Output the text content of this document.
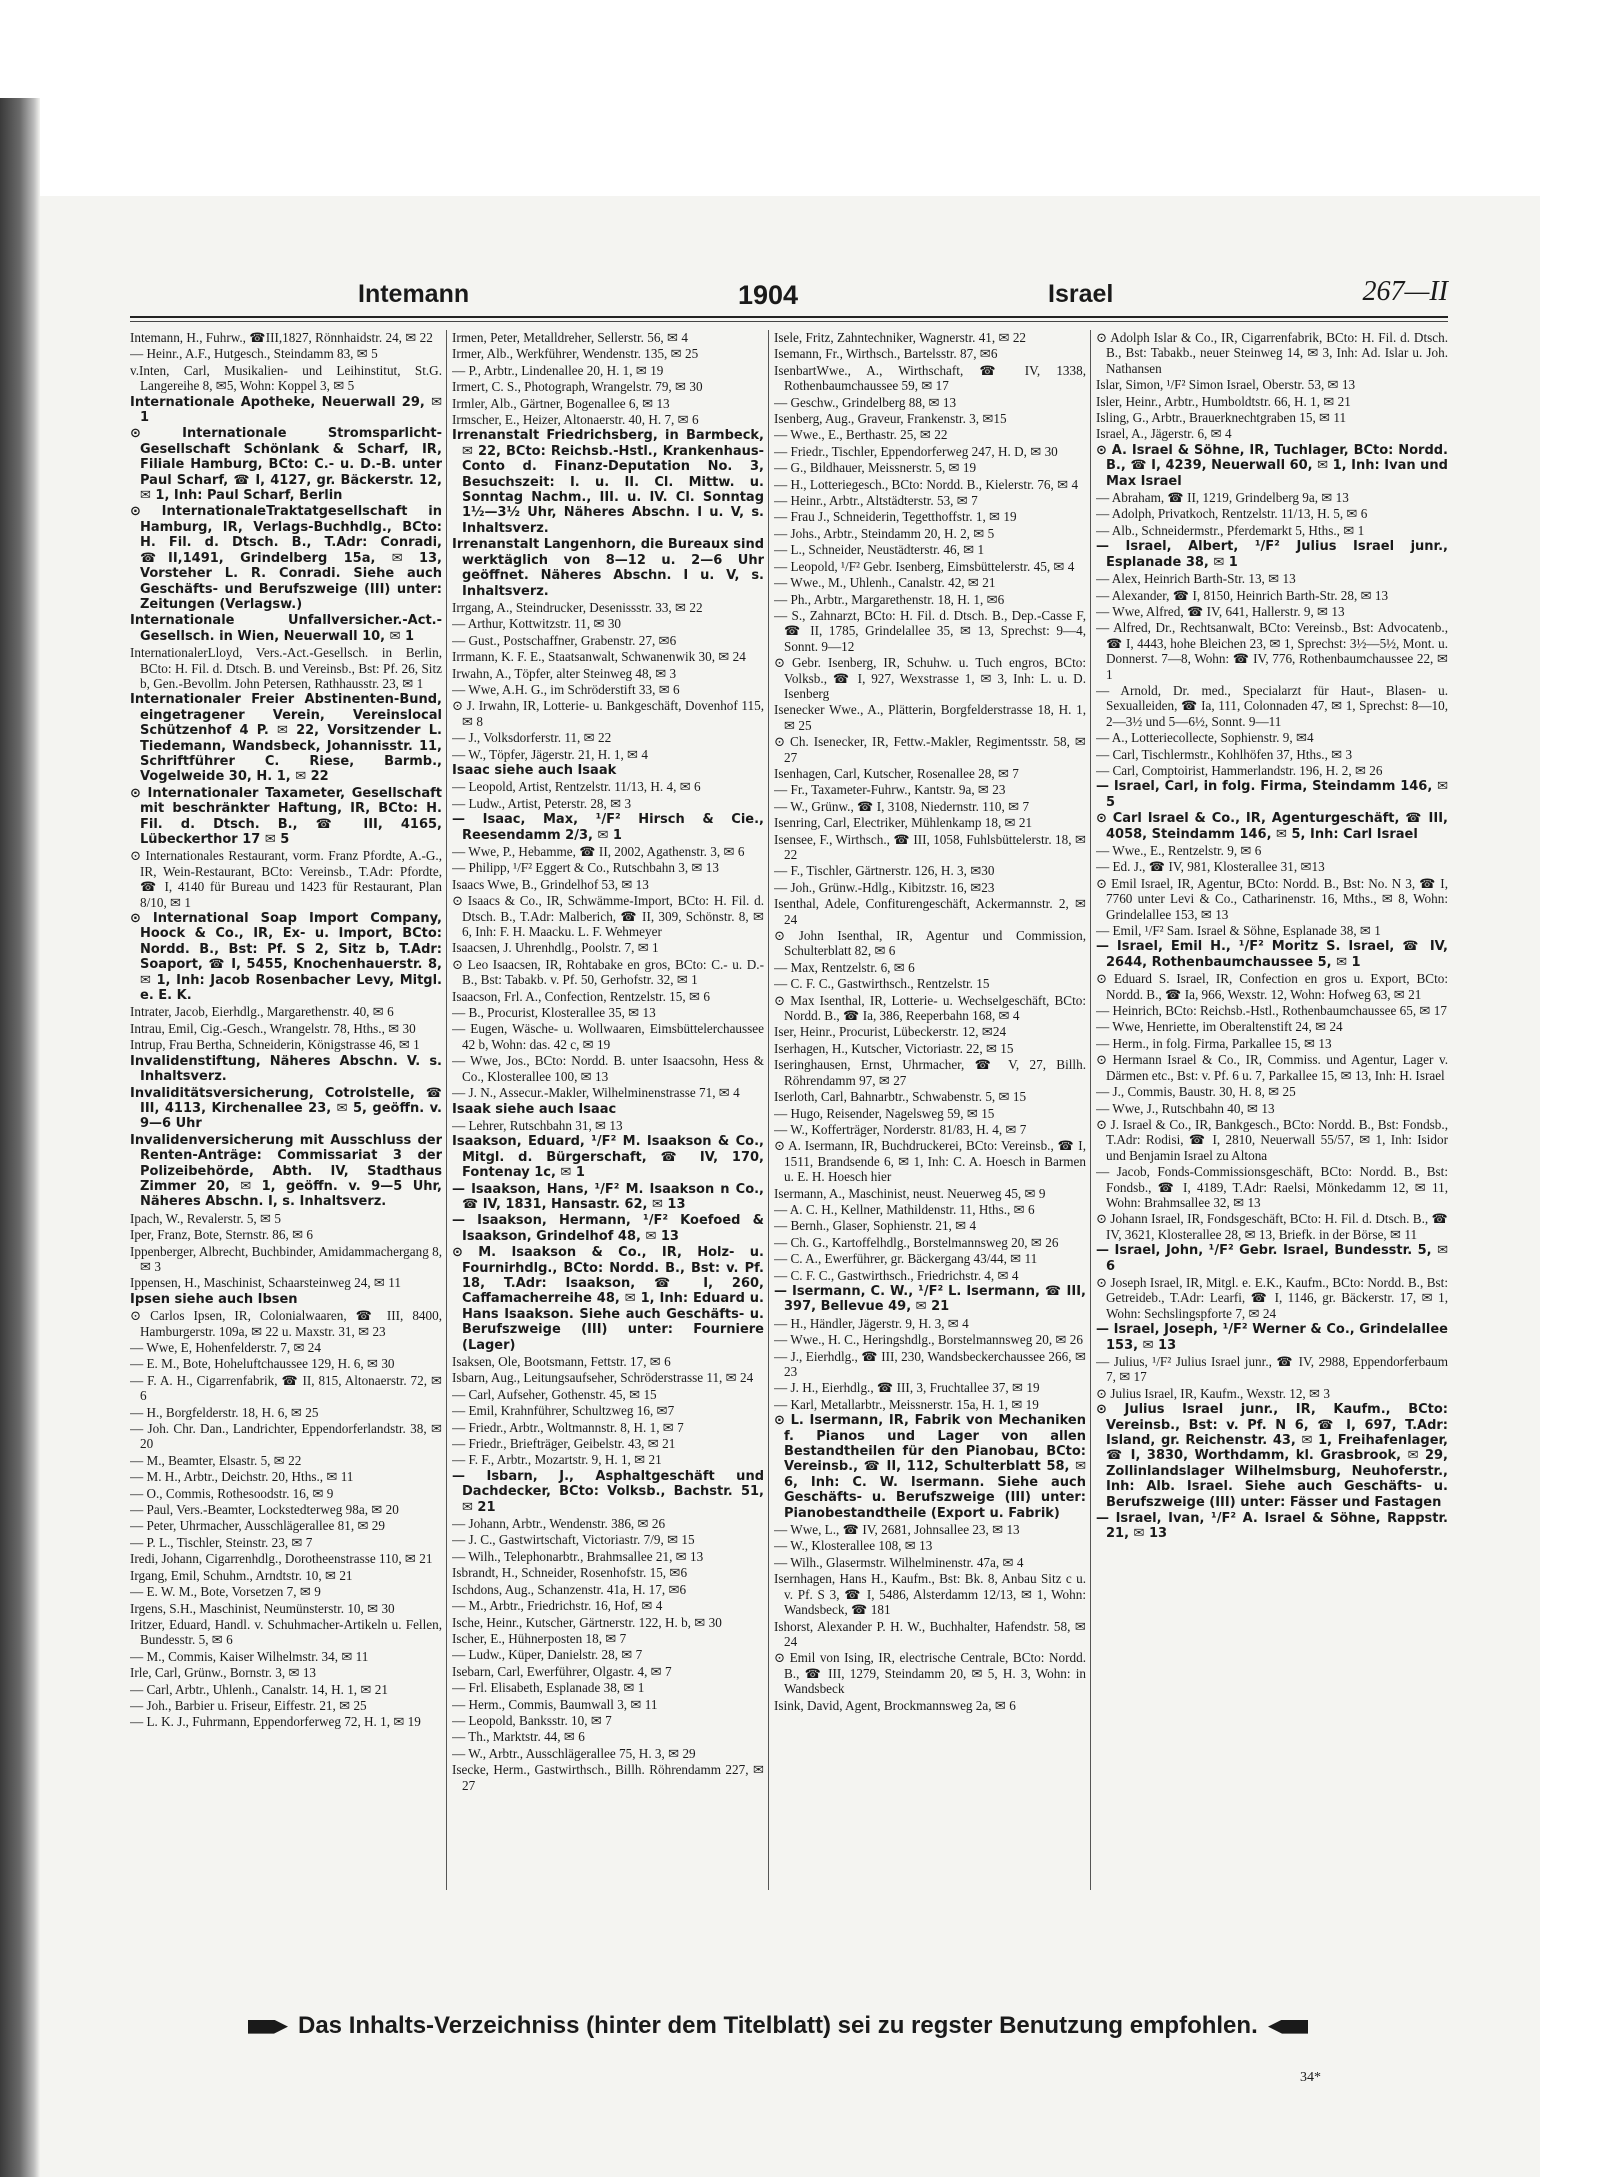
Intemann	1904	Israel	267—II
Intemann, H., Fuhrw., ☎III,1827, Rönnhaidstr. 24, ✉ 22
— Heinr., A.F., Hutgesch., Steindamm 83, ✉ 5
v.Inten, Carl, Musikalien- und Leihinstitut, St.G. Langereihe 8, ✉5, Wohn: Koppel 3, ✉ 5
Internationale Apotheke, Neuerwall 29, ✉ 1
⊙ Internationale Stromsparlicht-Gesellschaft Schönlank & Scharf, IR, Filiale Hamburg, BCto: C.- u. D.-B. unter Paul Scharf, ☎ I, 4127, gr. Bäckerstr. 12, ✉ 1, Inh: Paul Scharf, Berlin
⊙ InternationaleTraktatgesellschaft in Hamburg, IR, Verlags-Buchhdlg., BCto: H. Fil. d. Dtsch. B., T.Adr: Conradi, ☎II,1491, Grindelberg 15a, ✉ 13, Vorsteher L. R. Conradi. Siehe auch Geschäfts- und Berufszweige (III) unter: Zeitungen (Verlagsw.)
Internationale Unfallversicher.-Act.-Gesellsch. in Wien, Neuerwall 10, ✉ 1
InternationalerLloyd, Vers.-Act.-Gesellsch. in Berlin, BCto: H. Fil. d. Dtsch. B. und Vereinsb., Bst: Pf. 26, Sitz b, Gen.-Bevollm. John Petersen, Rathhausstr. 23, ✉ 1
Internationaler Freier Abstinenten-Bund, eingetragener Verein, Vereinslocal Schützenhof 4 P. ✉ 22, Vorsitzender L. Tiedemann, Wandsbeck, Johannisstr. 11, Schriftführer C. Riese, Barmb., Vogelweide 30, H. 1, ✉ 22
⊙ Internationaler Taxameter, Gesellschaft mit beschränkter Haftung, IR, BCto: H. Fil. d. Dtsch. B., ☎ III, 4165, Lübeckerthor 17 ✉ 5
⊙ Internationales Restaurant, vorm. Franz Pfordte, A.-G., IR, Wein-Restaurant, BCto: Vereinsb., T.Adr: Pfordte, ☎ I, 4140 für Bureau und 1423 für Restaurant, Plan 8/10, ✉ 1
⊙ International Soap Import Company, Hoock & Co., IR, Ex- u. Import, BCto: Nordd. B., Bst: Pf. S 2, Sitz b, T.Adr: Soaport, ☎ I, 5455, Knochenhauerstr. 8, ✉ 1, Inh: Jacob Rosenbacher Levy, Mitgl. e. E. K.
Intrater, Jacob, Eierhdlg., Margarethenstr. 40, ✉ 6
Intrau, Emil, Cig.-Gesch., Wrangelstr. 78, Hths., ✉ 30
Intrup, Frau Bertha, Schneiderin, Königstrasse 46, ✉ 1
Invalidenstiftung, Näheres Abschn. V. s. Inhaltsverz.
Invaliditätsversicherung, Cotrolstelle, ☎ III, 4113, Kirchenallee 23, ✉ 5, geöffn. v. 9—6 Uhr
Invalidenversicherung mit Ausschluss der Renten-Anträge: Commissariat 3 der Polizeibehörde, Abth. IV, Stadthaus Zimmer 20, ✉ 1, geöffn. v. 9—5 Uhr, Näheres Abschn. I, s. Inhaltsverz.
Ipach, W., Revalerstr. 5, ✉ 5
Iper, Franz, Bote, Sternstr. 86, ✉ 6
Ippenberger, Albrecht, Buchbinder, Amidammachergang 8, ✉ 3
Ippensen, H., Maschinist, Schaarsteinweg 24, ✉ 11
Ipsen siehe auch Ibsen
⊙ Carlos Ipsen, IR, Colonialwaaren, ☎ III, 8400, Hamburgerstr. 109a, ✉ 22 u. Maxstr. 31, ✉ 23
— Wwe, E, Hohenfelderstr. 7, ✉ 24
— E. M., Bote, Hoheluftchaussee 129, H. 6, ✉ 30
— F. A. H., Cigarrenfabrik, ☎ II, 815, Altonaerstr. 72, ✉ 6
— H., Borgfelderstr. 18, H. 6, ✉ 25
— Joh. Chr. Dan., Landrichter, Eppendorferlandstr. 38, ✉ 20
— M., Beamter, Elsastr. 5, ✉ 22
— M. H., Arbtr., Deichstr. 20, Hths., ✉ 11
— O., Commis, Rothesoodstr. 16, ✉ 9
— Paul, Vers.-Beamter, Lockstedterweg 98a, ✉ 20
— Peter, Uhrmacher, Ausschlägerallee 81, ✉ 29
— P. L., Tischler, Steinstr. 23, ✉ 7
Iredi, Johann, Cigarrenhdlg., Dorotheenstrasse 110, ✉ 21
Irgang, Emil, Schuhm., Arndtstr. 10, ✉ 21
— E. W. M., Bote, Vorsetzen 7, ✉ 9
Irgens, S.H., Maschinist, Neumünsterstr. 10, ✉ 30
Iritzer, Eduard, Handl. v. Schuhmacher-Artikeln u. Fellen, Bundesstr. 5, ✉ 6
— M., Commis, Kaiser Wilhelmstr. 34, ✉ 11
Irle, Carl, Grünw., Bornstr. 3, ✉ 13
— Carl, Arbtr., Uhlenh., Canalstr. 14, H. 1, ✉ 21
— Joh., Barbier u. Friseur, Eiffestr. 21, ✉ 25
— L. K. J., Fuhrmann, Eppendorferweg 72, H. 1, ✉ 19
Irmen, Peter, Metalldreher, Sellerstr. 56, ✉ 4
Irmer, Alb., Werkführer, Wendenstr. 135, ✉ 25
— P., Arbtr., Lindenallee 20, H. 1, ✉ 19
Irmert, C. S., Photograph, Wrangelstr. 79, ✉ 30
Irmler, Alb., Gärtner, Bogenallee 6, ✉ 13
Irmscher, E., Heizer, Altonaerstr. 40, H. 7, ✉ 6
Irrenanstalt Friedrichsberg, in Barmbeck, ✉ 22, BCto: Reichsb.-Hstl., Krankenhaus-Conto d. Finanz-Deputation No. 3, Besuchszeit: I. u. II. Cl. Mittw. u. Sonntag Nachm., III. u. IV. Cl. Sonntag 1½—3½ Uhr, Näheres Abschn. I u. V, s. Inhaltsverz.
Irrenanstalt Langenhorn, die Bureaux sind werktäglich von 8—12 u. 2—6 Uhr geöffnet. Näheres Abschn. I u. V, s. Inhaltsverz.
Irrgang, A., Steindrucker, Desenissstr. 33, ✉ 22
— Arthur, Kottwitzstr. 11, ✉ 30
— Gust., Postschaffner, Grabenstr. 27, ✉6
Irrmann, K. F. E., Staatsanwalt, Schwanenwik 30, ✉ 24
Irwahn, A., Töpfer, alter Steinweg 48, ✉ 3
— Wwe, A.H. G., im Schröderstift 33, ✉ 6
⊙ J. Irwahn, IR, Lotterie- u. Bankgeschäft, Dovenhof 115, ✉ 8
— J., Volksdorferstr. 11, ✉ 22
— W., Töpfer, Jägerstr. 21, H. 1, ✉ 4
Isaac siehe auch Isaak
— Leopold, Artist, Rentzelstr. 11/13, H. 4, ✉ 6
— Ludw., Artist, Peterstr. 28, ✉ 3
— Isaac, Max, ¹/F² Hirsch & Cie., Reesendamm 2/3, ✉ 1
— Wwe, P., Hebamme, ☎ II, 2002, Agathenstr. 3, ✉ 6
— Philipp, ¹/F² Eggert & Co., Rutschbahn 3, ✉ 13
Isaacs Wwe, B., Grindelhof 53, ✉ 13
⊙ Isaacs & Co., IR, Schwämme-Import, BCto: H. Fil. d. Dtsch. B., T.Adr: Malberich, ☎ II, 309, Schönstr. 8, ✉6, Inh: F. H. Maacku. L. F. Wehmeyer
Isaacsen, J. Uhrenhdlg., Poolstr. 7, ✉ 1
⊙ Leo Isaacsen, IR, Rohtabake en gros, BCto: C.- u. D.-B., Bst: Tabakb. v. Pf. 50, Gerhofstr. 32, ✉ 1
Isaacson, Frl. A., Confection, Rentzelstr. 15, ✉ 6
— B., Procurist, Klosterallee 35, ✉ 13
— Eugen, Wäsche- u. Wollwaaren, Eimsbüttelerchaussee 42 b, Wohn: das. 42 c, ✉ 19
— Wwe, Jos., BCto: Nordd. B. unter Isaacsohn, Hess & Co., Klosterallee 100, ✉ 13
— J. N., Assecur.-Makler, Wilhelminenstrasse 71, ✉ 4
Isaak siehe auch Isaac
— Lehrer, Rutschbahn 31, ✉ 13
Isaakson, Eduard, ¹/F² M. Isaakson & Co., Mitgl. d. Bürgerschaft, ☎ IV, 170, Fontenay 1c, ✉ 1
— Isaakson, Hans, ¹/F² M. Isaakson n Co., ☎ IV, 1831, Hansastr. 62, ✉ 13
— Isaakson, Hermann, ¹/F² Koefoed & Isaakson, Grindelhof 48, ✉ 13
⊙ M. Isaakson & Co., IR, Holz- u. Fournirhdlg., BCto: Nordd. B., Bst: v. Pf. 18, T.Adr: Isaakson, ☎ I, 260, Caffamacherreihe 48, ✉ 1, Inh: Eduard u. Hans Isaakson. Siehe auch Geschäfts- u. Berufszweige (III) unter: Fourniere (Lager)
Isaksen, Ole, Bootsmann, Fettstr. 17, ✉ 6
Isbarn, Aug., Leitungsaufseher, Schröderstrasse 11, ✉ 24
— Carl, Aufseher, Gothenstr. 45, ✉ 15
— Emil, Krahnführer, Schultzweg 16, ✉7
— Friedr., Arbtr., Woltmannstr. 8, H. 1, ✉ 7
— Friedr., Briefträger, Geibelstr. 43, ✉ 21
— F. F., Arbtr., Mozartstr. 9, H. 1, ✉ 21
— Isbarn, J., Asphaltgeschäft und Dachdecker, BCto: Volksb., Bachstr. 51, ✉ 21
— Johann, Arbtr., Wendenstr. 386, ✉ 26
— J. C., Gastwirtschaft, Victoriastr. 7/9, ✉ 15
— Wilh., Telephonarbtr., Brahmsallee 21, ✉ 13
Isbrandt, H., Schneider, Rosenhofstr. 15, ✉6
Ischdons, Aug., Schanzenstr. 41a, H. 17, ✉6
— M., Arbtr., Friedrichstr. 16, Hof, ✉ 4
Ische, Heinr., Kutscher, Gärtnerstr. 122, H. b, ✉ 30
Ischer, E., Hühnerposten 18, ✉ 7
— Ludw., Küper, Danielstr. 28, ✉ 7
Isebarn, Carl, Ewerführer, Olgastr. 4, ✉ 7
— Frl. Elisabeth, Esplanade 38, ✉ 1
— Herm., Commis, Baumwall 3, ✉ 11
— Leopold, Banksstr. 10, ✉ 7
— Th., Marktstr. 44, ✉ 6
— W., Arbtr., Ausschlägerallee 75, H. 3, ✉ 29
Isecke, Herm., Gastwirthsch., Billh. Röhrendamm 227, ✉ 27
Isele, Fritz, Zahntechniker, Wagnerstr. 41, ✉ 22
Isemann, Fr., Wirthsch., Bartelsstr. 87, ✉6
IsenbartWwe., A., Wirthschaft, ☎ IV, 1338, Rothenbaumchaussee 59, ✉ 17
— Geschw., Grindelberg 88, ✉ 13
Isenberg, Aug., Graveur, Frankenstr. 3, ✉15
— Wwe., E., Berthastr. 25, ✉ 22
— Friedr., Tischler, Eppendorferweg 247, H. D, ✉ 30
— G., Bildhauer, Meissnerstr. 5, ✉ 19
— H., Lotteriegesch., BCto: Nordd. B., Kielerstr. 76, ✉ 4
— Heinr., Arbtr., Altstädterstr. 53, ✉ 7
— Frau J., Schneiderin, Tegetthoffstr. 1, ✉ 19
— Johs., Arbtr., Steindamm 20, H. 2, ✉ 5
— L., Schneider, Neustädterstr. 46, ✉ 1
— Leopold, ¹/F² Gebr. Isenberg, Eimsbüttelerstr. 45, ✉ 4
— Wwe., M., Uhlenh., Canalstr. 42, ✉ 21
— Ph., Arbtr., Margarethenstr. 18, H. 1, ✉6
— S., Zahnarzt, BCto: H. Fil. d. Dtsch. B., Dep.-Casse F, ☎ II, 1785, Grindelallee 35, ✉ 13, Sprechst: 9—4, Sonnt. 9—12
⊙ Gebr. Isenberg, IR, Schuhw. u. Tuch engros, BCto: Volksb., ☎ I, 927, Wexstrasse 1, ✉ 3, Inh: L. u. D. Isenberg
Isenecker Wwe., A., Plätterin, Borgfelderstrasse 18, H. 1, ✉ 25
⊙ Ch. Isenecker, IR, Fettw.-Makler, Regimentsstr. 58, ✉ 27
Isenhagen, Carl, Kutscher, Rosenallee 28, ✉ 7
— Fr., Taxameter-Fuhrw., Kantstr. 9a, ✉ 23
— W., Grünw., ☎ I, 3108, Niedernstr. 110, ✉ 7
Isenring, Carl, Electriker, Mühlenkamp 18, ✉ 21
Isensee, F., Wirthsch., ☎ III, 1058, Fuhlsbüttelerstr. 18, ✉ 22
— F., Tischler, Gärtnerstr. 126, H. 3, ✉30
— Joh., Grünw.-Hdlg., Kibitzstr. 16, ✉23
Isenthal, Adele, Confiturengeschäft, Ackermannstr. 2, ✉ 24
⊙ John Isenthal, IR, Agentur und Commission, Schulterblatt 82, ✉ 6
— Max, Rentzelstr. 6, ✉ 6
— C. F. C., Gastwirthsch., Rentzelstr. 15
⊙ Max Isenthal, IR, Lotterie- u. Wechselgeschäft, BCto: Nordd. B., ☎ Ia, 386, Reeperbahn 168, ✉ 4
Iser, Heinr., Procurist, Lübeckerstr. 12, ✉24
Iserhagen, H., Kutscher, Victoriastr. 22, ✉ 15
Iseringhausen, Ernst, Uhrmacher, ☎ V, 27, Billh. Röhrendamm 97, ✉ 27
Iserloth, Carl, Bahnarbtr., Schwabenstr. 5, ✉ 15
— Hugo, Reisender, Nagelsweg 59, ✉ 15
— W., Kofferträger, Norderstr. 81/83, H. 4, ✉ 7
⊙ A. Isermann, IR, Buchdruckerei, BCto: Vereinsb., ☎ I, 1511, Brandsende 6, ✉ 1, Inh: C. A. Hoesch in Barmen u. E. H. Hoesch hier
Isermann, A., Maschinist, neust. Neuerweg 45, ✉ 9
— A. C. H., Kellner, Mathildenstr. 11, Hths., ✉ 6
— Bernh., Glaser, Sophienstr. 21, ✉ 4
— Ch. G., Kartoffelhdlg., Borstelmannsweg 20, ✉ 26
— C. A., Ewerführer, gr. Bäckergang 43/44, ✉ 11
— C. F. C., Gastwirthsch., Friedrichstr. 4, ✉ 4
— Isermann, C. W., ¹/F² L. Isermann, ☎ III, 397, Bellevue 49, ✉ 21
— H., Händler, Jägerstr. 9, H. 3, ✉ 4
— Wwe., H. C., Heringshdlg., Borstelmannsweg 20, ✉ 26
— J., Eierhdlg., ☎ III, 230, Wandsbeckerchaussee 266, ✉ 23
— J. H., Eierhdlg., ☎ III, 3, Fruchtallee 37, ✉ 19
— Karl, Metallarbtr., Meissnerstr. 15a, H. 1, ✉ 19
⊙ L. Isermann, IR, Fabrik von Mechaniken f. Pianos und Lager von allen Bestandtheilen für den Pianobau, BCto: Vereinsb., ☎ II, 112, Schulterblatt 58, ✉ 6, Inh: C. W. Isermann. Siehe auch Geschäfts- u. Berufszweige (III) unter: Pianobestandtheile (Export u. Fabrik)
— Wwe, L., ☎ IV, 2681, Johnsallee 23, ✉ 13
— W., Klosterallee 108, ✉ 13
— Wilh., Glasermstr. Wilhelminenstr. 47a, ✉ 4
Isernhagen, Hans H., Kaufm., Bst: Bk. 8, Anbau Sitz c u. v. Pf. S 3, ☎ I, 5486, Alsterdamm 12/13, ✉ 1, Wohn: Wandsbeck, ☎ 181
Ishorst, Alexander P. H. W., Buchhalter, Hafendstr. 58, ✉ 24
⊙ Emil von Ising, IR, electrische Centrale, BCto: Nordd. B., ☎ III, 1279, Steindamm 20, ✉ 5, H. 3, Wohn: in Wandsbeck
Isink, David, Agent, Brockmannsweg 2a, ✉ 6
⊙ Adolph Islar & Co., IR, Cigarrenfabrik, BCto: H. Fil. d. Dtsch. B., Bst: Tabakb., neuer Steinweg 14, ✉ 3, Inh: Ad. Islar u. Joh. Nathansen
Islar, Simon, ¹/F² Simon Israel, Oberstr. 53, ✉ 13
Isler, Heinr., Arbtr., Humboldtstr. 66, H. 1, ✉ 21
Isling, G., Arbtr., Brauerknechtgraben 15, ✉ 11
Israel, A., Jägerstr. 6, ✉ 4
⊙ A. Israel & Söhne, IR, Tuchlager, BCto: Nordd. B., ☎ I, 4239, Neuerwall 60, ✉ 1, Inh: Ivan und Max Israel
— Abraham, ☎ II, 1219, Grindelberg 9a, ✉ 13
— Adolph, Privatkoch, Rentzelstr. 11/13, H. 5, ✉ 6
— Alb., Schneidermstr., Pferdemarkt 5, Hths., ✉ 1
— Israel, Albert, ¹/F² Julius Israel junr., Esplanade 38, ✉ 1
— Alex, Heinrich Barth-Str. 13, ✉ 13
— Alexander, ☎ I, 8150, Heinrich Barth-Str. 28, ✉ 13
— Wwe, Alfred, ☎ IV, 641, Hallerstr. 9, ✉ 13
— Alfred, Dr., Rechtsanwalt, BCto: Vereinsb., Bst: Advocatenb., ☎ I, 4443, hohe Bleichen 23, ✉ 1, Sprechst: 3½—5½, Mont. u. Donnerst. 7—8, Wohn: ☎ IV, 776, Rothenbaumchaussee 22, ✉ 1
— Arnold, Dr. med., Specialarzt für Haut-, Blasen- u. Sexualleiden, ☎ Ia, 111, Colonnaden 47, ✉ 1, Sprechst: 8—10, 2—3½ und 5—6½, Sonnt. 9—11
— A., Lotteriecollecte, Sophienstr. 9, ✉4
— Carl, Tischlermstr., Kohlhöfen 37, Hths., ✉ 3
— Carl, Comptoirist, Hammerlandstr. 196, H. 2, ✉ 26
— Israel, Carl, in folg. Firma, Steindamm 146, ✉ 5
⊙ Carl Israel & Co., IR, Agenturgeschäft, ☎ III, 4058, Steindamm 146, ✉ 5, Inh: Carl Israel
— Wwe., E., Rentzelstr. 9, ✉ 6
— Ed. J., ☎ IV, 981, Klosterallee 31, ✉13
⊙ Emil Israel, IR, Agentur, BCto: Nordd. B., Bst: No. N 3, ☎ I, 7760 unter Levi & Co., Catharinenstr. 16, Mths., ✉ 8, Wohn: Grindelallee 153, ✉ 13
— Emil, ¹/F² Sam. Israel & Söhne, Esplanade 38, ✉ 1
— Israel, Emil H., ¹/F² Moritz S. Israel, ☎ IV, 2644, Rothenbaumchaussee 5, ✉ 1
⊙ Eduard S. Israel, IR, Confection en gros u. Export, BCto: Nordd. B., ☎ Ia, 966, Wexstr. 12, Wohn: Hofweg 63, ✉ 21
— Heinrich, BCto: Reichsb.-Hstl., Rothenbaumchaussee 65, ✉ 17
— Wwe, Henriette, im Oberaltenstift 24, ✉ 24
— Herm., in folg. Firma, Parkallee 15, ✉ 13
⊙ Hermann Israel & Co., IR, Commiss. und Agentur, Lager v. Därmen etc., Bst: v. Pf. 6 u. 7, Parkallee 15, ✉ 13, Inh: H. Israel
— J., Commis, Baustr. 30, H. 8, ✉ 25
— Wwe, J., Rutschbahn 40, ✉ 13
⊙ J. Israel & Co., IR, Bankgesch., BCto: Nordd. B., Bst: Fondsb., T.Adr: Rodisi, ☎ I, 2810, Neuerwall 55/57, ✉ 1, Inh: Isidor und Benjamin Israel zu Altona
— Jacob, Fonds-Commissionsgeschäft, BCto: Nordd. B., Bst: Fondsb., ☎ I, 4189, T.Adr: Raelsi, Mönkedamm 12, ✉ 11, Wohn: Brahmsallee 32, ✉ 13
⊙ Johann Israel, IR, Fondsgeschäft, BCto: H. Fil. d. Dtsch. B., ☎ IV, 3621, Klosterallee 28, ✉ 13, Briefk. in der Börse, ✉ 11
— Israel, John, ¹/F² Gebr. Israel, Bundesstr. 5, ✉ 6
⊙ Joseph Israel, IR, Mitgl. e. E.K., Kaufm., BCto: Nordd. B., Bst: Getreideb., T.Adr: Learfi, ☎ I, 1146, gr. Bäckerstr. 17, ✉ 1, Wohn: Sechslingspforte 7, ✉ 24
— Israel, Joseph, ¹/F² Werner & Co., Grindelallee 153, ✉ 13
— Julius, ¹/F² Julius Israel junr., ☎ IV, 2988, Eppendorferbaum 7, ✉ 17
⊙ Julius Israel, IR, Kaufm., Wexstr. 12, ✉ 3
⊙ Julius Israel junr., IR, Kaufm., BCto: Vereinsb., Bst: v. Pf. N 6, ☎ I, 697, T.Adr: Island, gr. Reichenstr. 43, ✉ 1, Freihafenlager, ☎ I, 3830, Worthdamm, kl. Grasbrook, ✉ 29, Zollinlandslager Wilhelmsburg, Neuhoferstr., Inh: Alb. Israel. Siehe auch Geschäfts- u. Berufszweige (III) unter: Fässer und Fastagen
— Israel, Ivan, ¹/F² A. Israel & Söhne, Rappstr. 21, ✉ 13
Das Inhalts-Verzeichniss (hinter dem Titelblatt) sei zu regster Benutzung empfohlen.
34*
